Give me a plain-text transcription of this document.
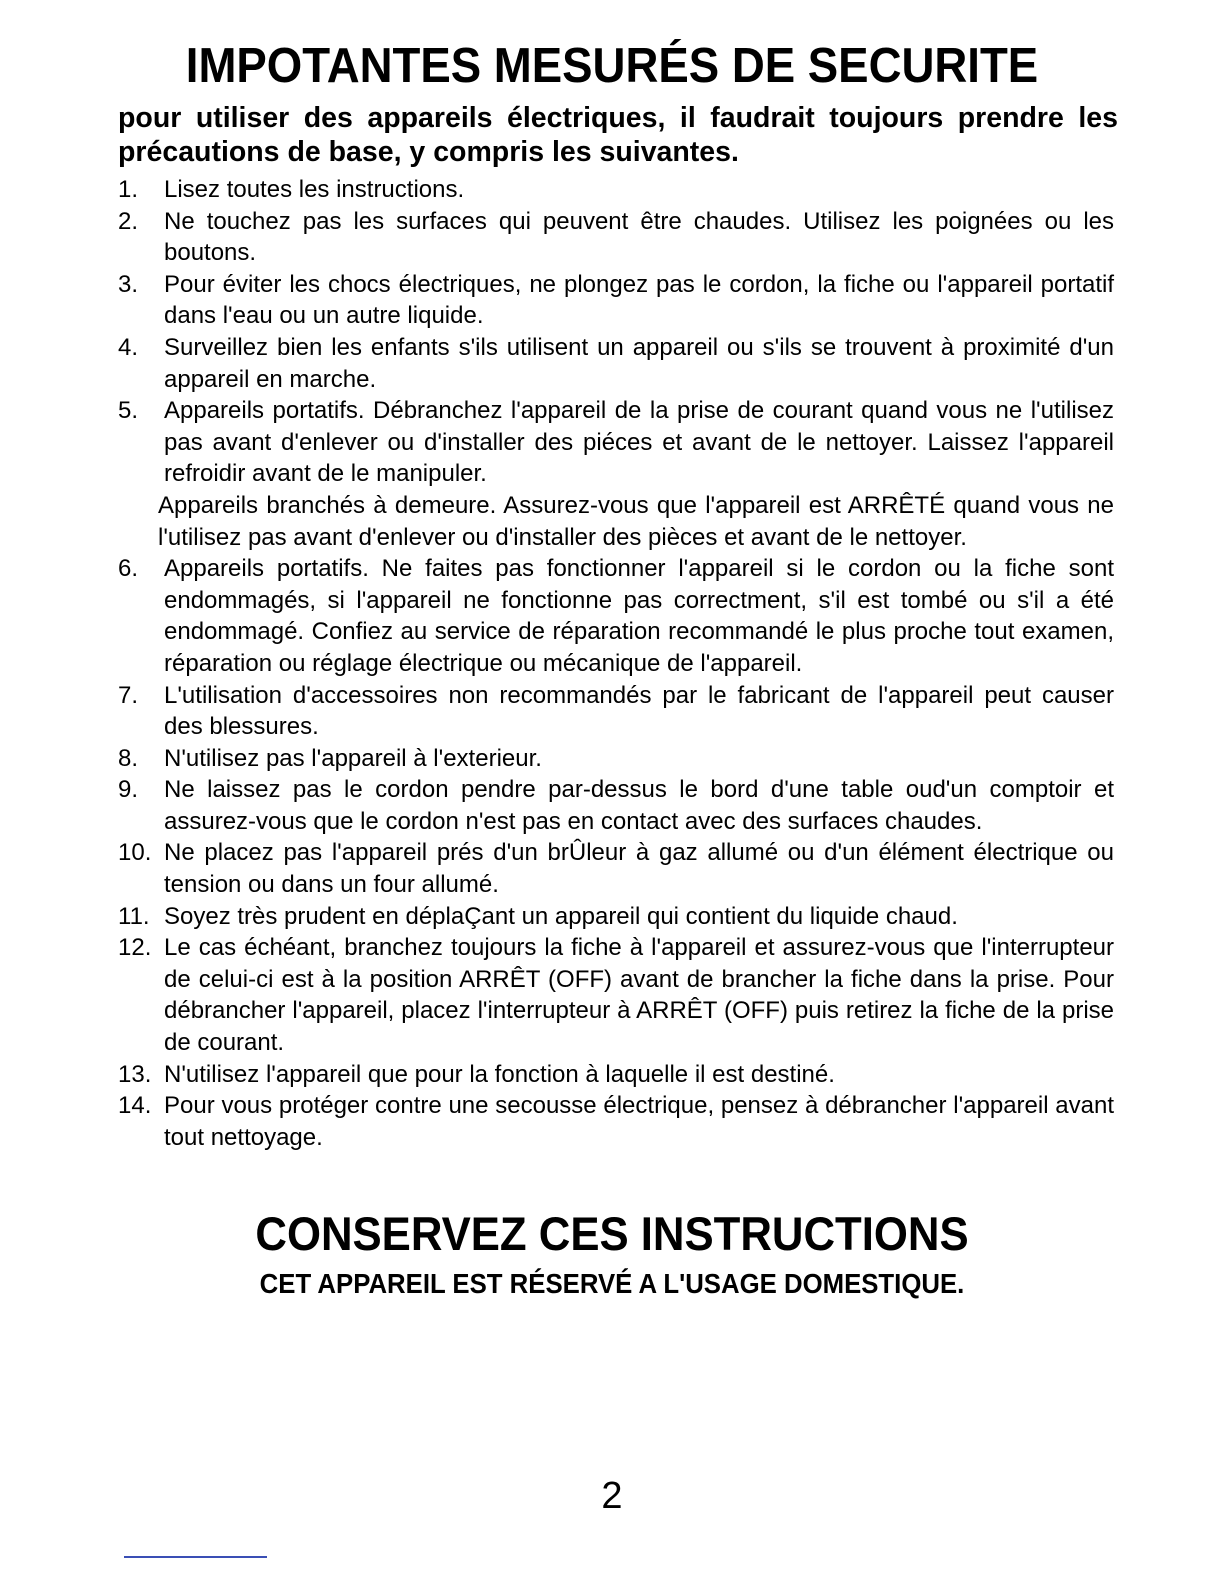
IMPOTANTES MESURÉS DE SECURITE

pour utiliser des appareils électriques, il faudrait toujours prendre les précautions de base, y compris les suivantes.

1.	Lisez toutes les instructions.
2.	Ne touchez pas les surfaces qui peuvent être chaudes. Utilisez les poignées ou les boutons.
3.	Pour éviter les chocs électriques, ne plongez pas le cordon, la fiche ou l'appareil portatif dans l'eau ou un autre liquide.
4.	Surveillez bien les enfants s'ils utilisent un appareil ou s'ils se trouvent à proximité d'un appareil en marche.
5.	Appareils portatifs. Débranchez l'appareil de la prise de courant quand vous ne l'utilisez pas avant d'enlever ou d'installer des piéces et avant de le nettoyer. Laissez l'appareil refroidir avant de le manipuler.
Appareils branchés à demeure. Assurez-vous que l'appareil est ARRÊTÉ quand vous ne l'utilisez pas avant d'enlever ou d'installer des pièces et avant de le nettoyer.
6.	Appareils portatifs. Ne faites pas fonctionner l'appareil si le cordon ou la fiche sont endommagés, si l'appareil ne fonctionne pas correctment, s'il est tombé ou s'il a été endommagé. Confiez au service de réparation recommandé le plus proche tout examen, réparation ou réglage électrique ou mécanique de l'appareil.
7.	L'utilisation d'accessoires non recommandés par le fabricant de l'appareil peut causer des blessures.
8.	N'utilisez pas l'appareil à l'exterieur.
9.	Ne laissez pas le cordon pendre par-dessus le bord d'une table oud'un comptoir et assurez-vous que le cordon n'est pas en contact avec des surfaces chaudes.
10. Ne placez pas l'appareil prés d'un brÛleur à gaz allumé ou d'un élément électrique ou tension ou dans un four allumé.
11. Soyez très prudent en déplaÇant un appareil qui contient du liquide chaud.
12. Le cas échéant, branchez toujours la fiche à l'appareil et assurez-vous que l'interrupteur de celui-ci est à la position ARRÊT (OFF) avant de brancher la fiche dans la prise. Pour débrancher l'appareil, placez l'interrupteur à ARRÊT (OFF) puis retirez la fiche de la prise de courant.
13. N'utilisez l'appareil que pour la fonction à laquelle il est destiné.
14. Pour vous protéger contre une secousse électrique, pensez à débrancher l'appareil avant tout nettoyage.
CONSERVEZ CES INSTRUCTIONS

CET APPAREIL EST RÉSERVÉ A L'USAGE DOMESTIQUE.

2
